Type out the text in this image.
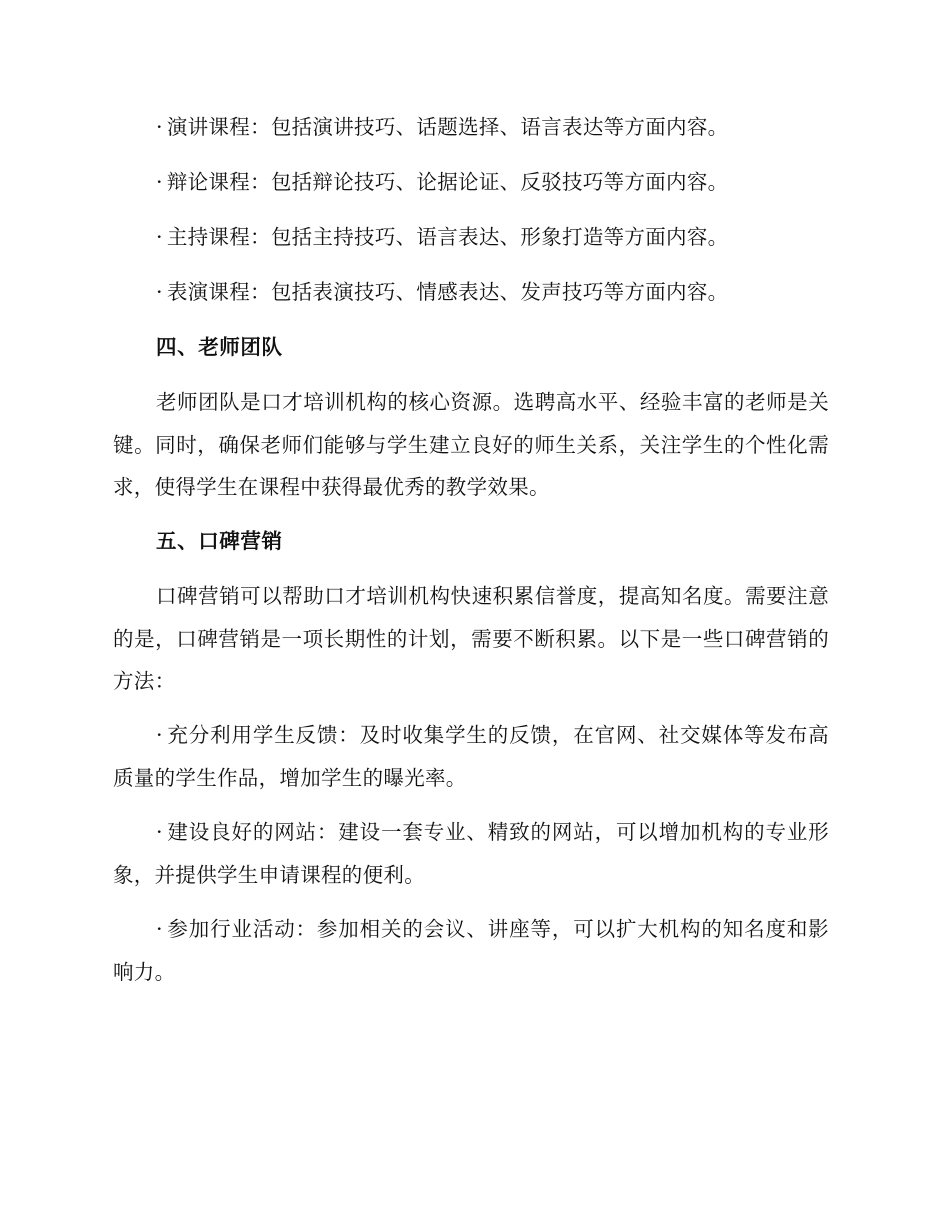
· 演讲课程：包括演讲技巧、话题选择、语言表达等方面内容。

· 辩论课程：包括辩论技巧、论据论证、反驳技巧等方面内容。

· 主持课程：包括主持技巧、语言表达、形象打造等方面内容。

· 表演课程：包括表演技巧、情感表达、发声技巧等方面内容。

四、老师团队

老师团队是口才培训机构的核心资源。选聘高水平、经验丰富的老师是关键。同时，确保老师们能够与学生建立良好的师生关系，关注学生的个性化需求，使得学生在课程中获得最优秀的教学效果。

五、口碑营销

口碑营销可以帮助口才培训机构快速积累信誉度，提高知名度。需要注意的是，口碑营销是一项长期性的计划，需要不断积累。以下是一些口碑营销的方法：

· 充分利用学生反馈：及时收集学生的反馈，在官网、社交媒体等发布高质量的学生作品，增加学生的曝光率。

· 建设良好的网站：建设一套专业、精致的网站，可以增加机构的专业形象，并提供学生申请课程的便利。

· 参加行业活动：参加相关的会议、讲座等，可以扩大机构的知名度和影响力。
